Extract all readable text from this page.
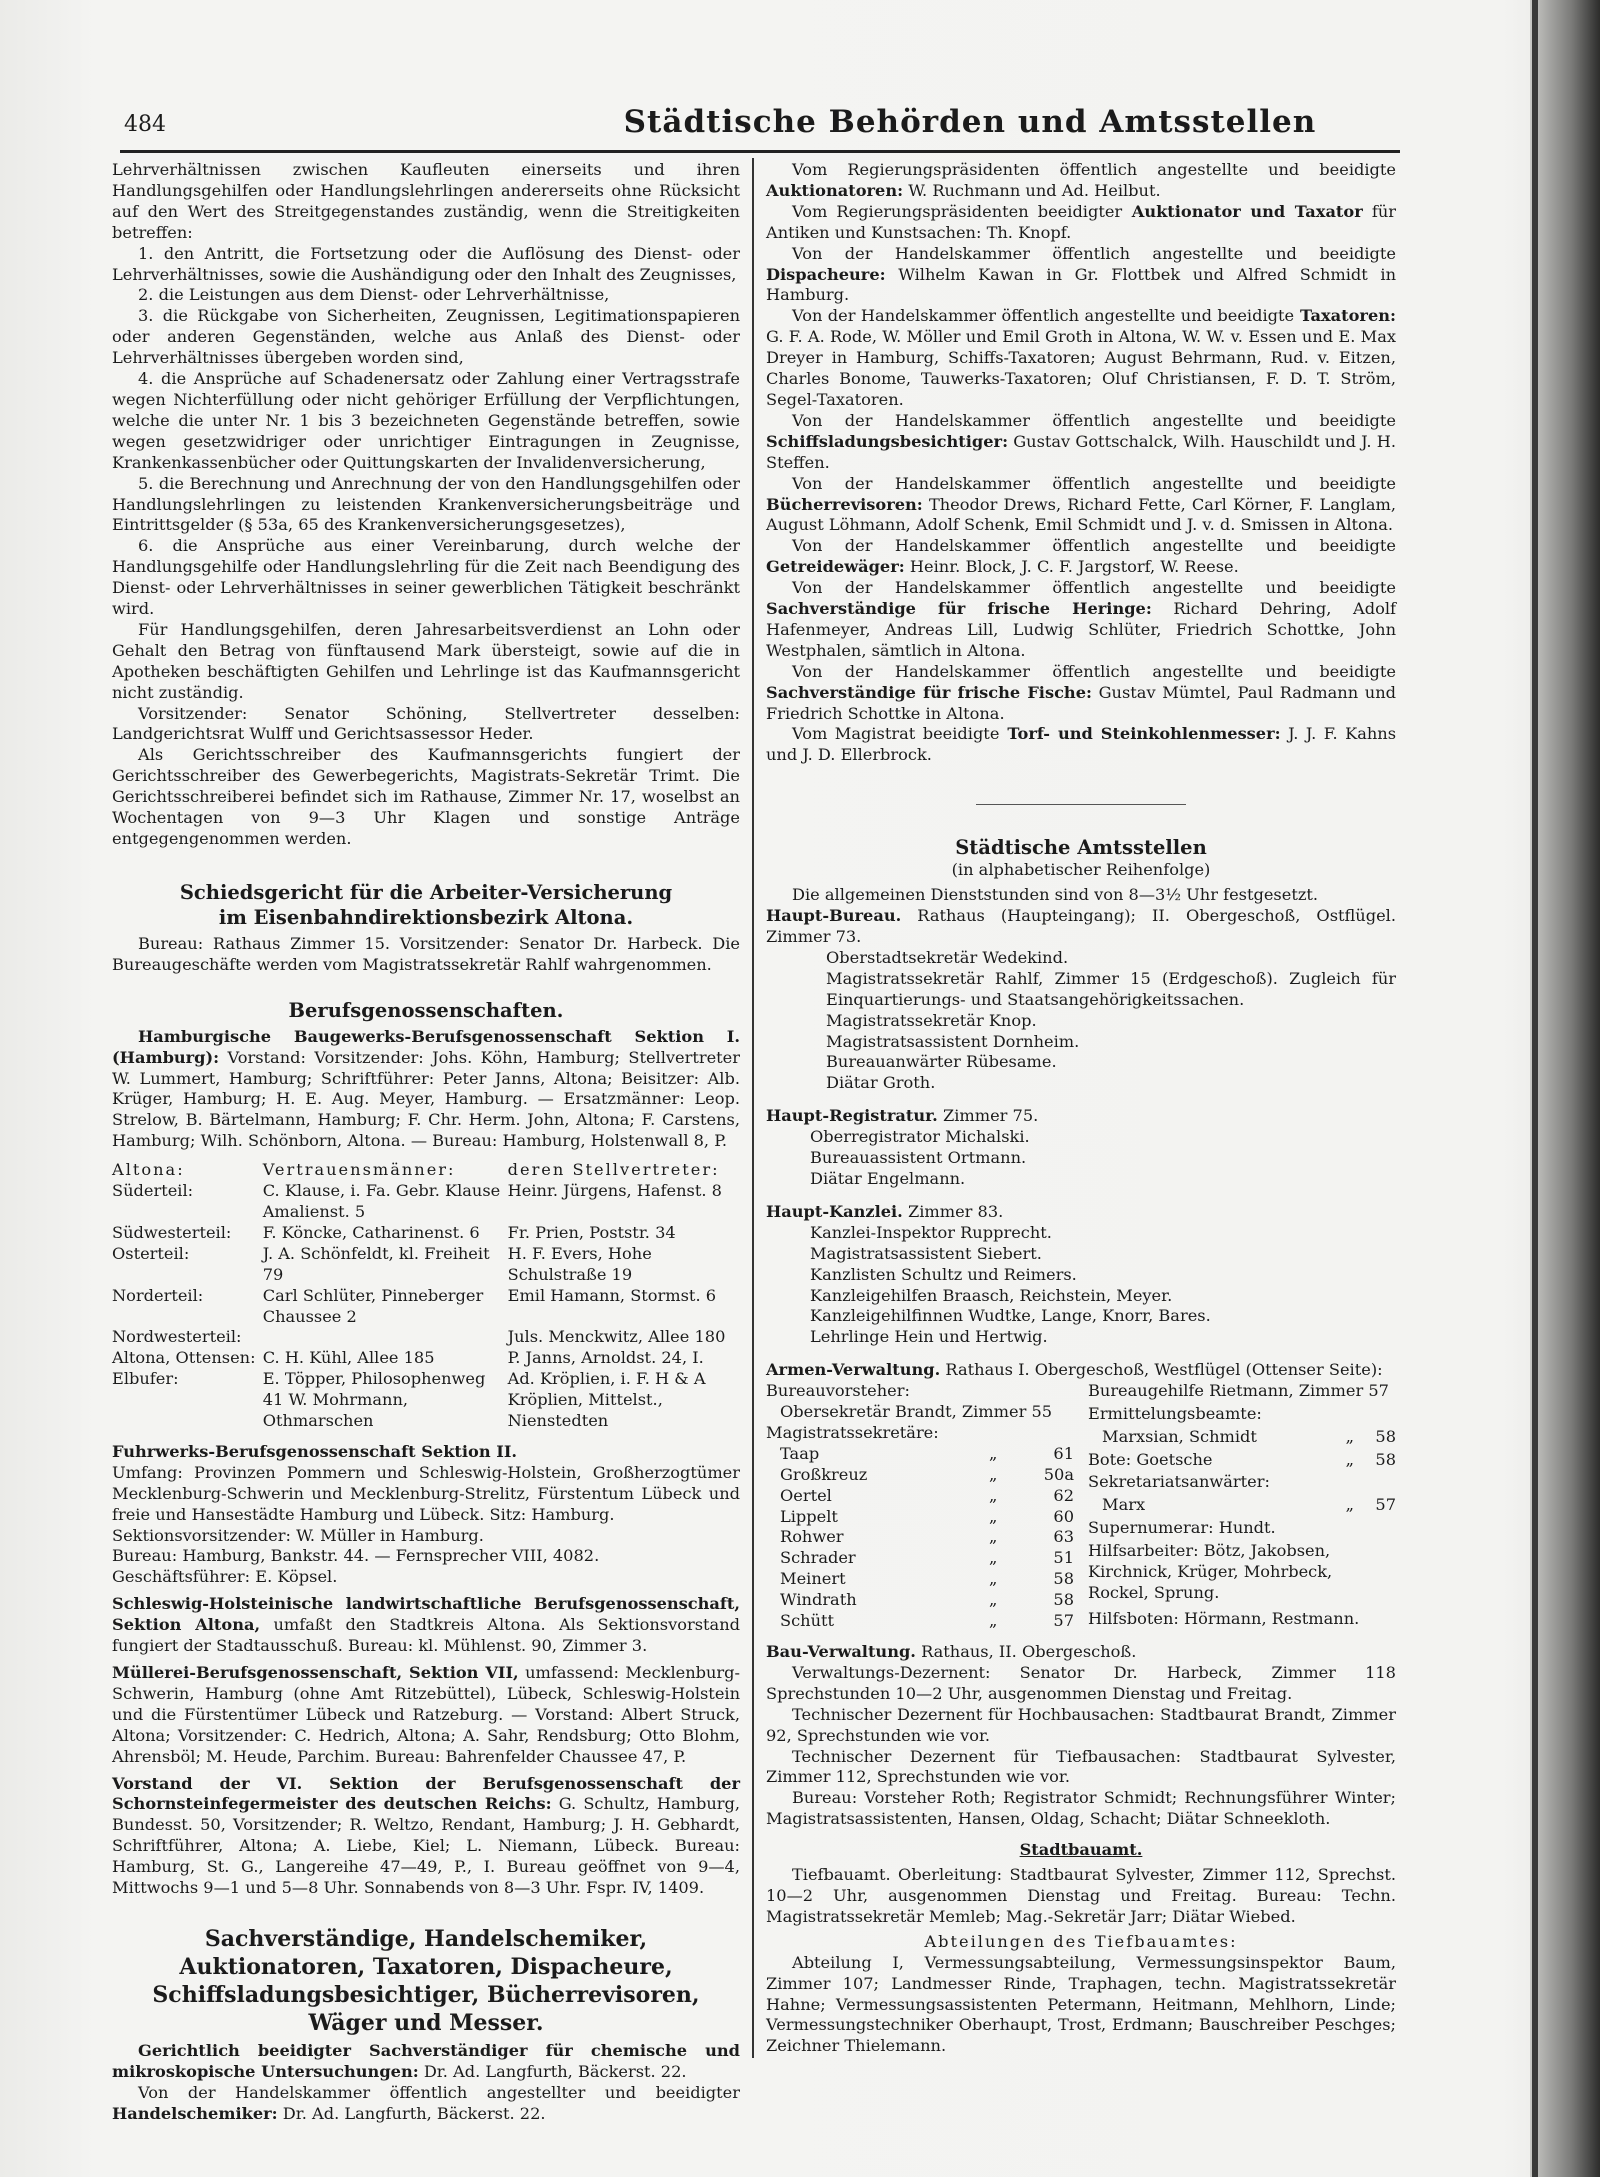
484	Städtische Behörden und Amtsstellen

Lehrverhältnissen zwischen Kaufleuten einerseits und ihren Handlungsgehilfen oder Handlungslehrlingen andererseits ohne Rücksicht auf den Wert des Streitgegenstandes zuständig, wenn die Streitigkeiten betreffen:

1. den Antritt, die Fortsetzung oder die Auflösung des Dienst- oder Lehrverhältnisses, sowie die Aushändigung oder den Inhalt des Zeugnisses,

2. die Leistungen aus dem Dienst- oder Lehrverhältnisse,

3. die Rückgabe von Sicherheiten, Zeugnissen, Legitimationspapieren oder anderen Gegenständen, welche aus Anlaß des Dienst- oder Lehrverhältnisses übergeben worden sind,

4. die Ansprüche auf Schadenersatz oder Zahlung einer Vertragsstrafe wegen Nichterfüllung oder nicht gehöriger Erfüllung der Verpflichtungen, welche die unter Nr. 1 bis 3 bezeichneten Gegenstände betreffen, sowie wegen gesetzwidriger oder unrichtiger Eintragungen in Zeugnisse, Krankenkassenbücher oder Quittungskarten der Invalidenversicherung,

5. die Berechnung und Anrechnung der von den Handlungsgehilfen oder Handlungslehrlingen zu leistenden Krankenversicherungsbeiträge und Eintrittsgelder (§ 53a, 65 des Krankenversicherungsgesetzes),

6. die Ansprüche aus einer Vereinbarung, durch welche der Handlungsgehilfe oder Handlungslehrling für die Zeit nach Beendigung des Dienst- oder Lehrverhältnisses in seiner gewerblichen Tätigkeit beschränkt wird.

Für Handlungsgehilfen, deren Jahresarbeitsverdienst an Lohn oder Gehalt den Betrag von fünftausend Mark übersteigt, sowie auf die in Apotheken beschäftigten Gehilfen und Lehrlinge ist das Kaufmannsgericht nicht zuständig.

Vorsitzender: Senator Schöning, Stellvertreter desselben: Landgerichtsrat Wulff und Gerichtsassessor Heder.

Als Gerichtsschreiber des Kaufmannsgerichts fungiert der Gerichtsschreiber des Gewerbegerichts, Magistrats-Sekretär Trimt. Die Gerichtsschreiberei befindet sich im Rathause, Zimmer Nr. 17, woselbst an Wochentagen von 9—3 Uhr Klagen und sonstige Anträge entgegengenommen werden.

Schiedsgericht für die Arbeiter-Versicherung
im Eisenbahndirektionsbezirk Altona.

Bureau: Rathaus Zimmer 15. Vorsitzender: Senator Dr. Harbeck. Die Bureaugeschäfte werden vom Magistratssekretär Rahlf wahrgenommen.

Berufsgenossenschaften.

Hamburgische Baugewerks-Berufsgenossenschaft Sektion I. (Hamburg): Vorstand: Vorsitzender: Johs. Köhn, Hamburg; Stellvertreter W. Lummert, Hamburg; Schriftführer: Peter Janns, Altona; Beisitzer: Alb. Krüger, Hamburg; H. E. Aug. Meyer, Hamburg. — Ersatzmänner: Leop. Strelow, B. Bärtelmann, Hamburg; F. Chr. Herm. John, Altona; F. Carstens, Hamburg; Wilh. Schönborn, Altona. — Bureau: Hamburg, Holstenwall 8, P.

Altona:	Vertrauensmänner:	deren Stellvertreter:
Süderteil:	C. Klause, i. Fa. Gebr. Klause Amalienst. 5	Heinr. Jürgens, Hafenst. 8
Südwesterteil:	F. Köncke, Catharinenst. 6	Fr. Prien, Poststr. 34
Osterteil:	J. A. Schönfeldt, kl. Freiheit 79	H. F. Evers, Hohe Schulstraße 19
Norderteil:	Carl Schlüter, Pinneberger Chaussee 2	Emil Hamann, Stormst. 6
Nordwesterteil:		Juls. Menckwitz, Allee 180
Altona, Ottensen:	C. H. Kühl, Allee 185	P. Janns, Arnoldst. 24, I.
Elbufer:	E. Töpper, Philosophenweg 41 W. Mohrmann, Othmarschen	Ad. Kröplien, i. F. H & A Kröplien, Mittelst., Nienstedten

Fuhrwerks-Berufsgenossenschaft Sektion II.

Umfang: Provinzen Pommern und Schleswig-Holstein, Großherzogtümer Mecklenburg-Schwerin und Mecklenburg-Strelitz, Fürstentum Lübeck und freie und Hansestädte Hamburg und Lübeck. Sitz: Hamburg.

Sektionsvorsitzender: W. Müller in Hamburg.

Bureau: Hamburg, Bankstr. 44. — Fernsprecher VIII, 4082.

Geschäftsführer: E. Köpsel.

Schleswig-Holsteinische landwirtschaftliche Berufsgenossenschaft, Sektion Altona, umfaßt den Stadtkreis Altona. Als Sektionsvorstand fungiert der Stadtausschuß. Bureau: kl. Mühlenst. 90, Zimmer 3.

Müllerei-Berufsgenossenschaft, Sektion VII, umfassend: Mecklenburg-Schwerin, Hamburg (ohne Amt Ritzebüttel), Lübeck, Schleswig-Holstein und die Fürstentümer Lübeck und Ratzeburg. — Vorstand: Albert Struck, Altona; Vorsitzender: C. Hedrich, Altona; A. Sahr, Rendsburg; Otto Blohm, Ahrensböl; M. Heude, Parchim. Bureau: Bahrenfelder Chaussee 47, P.

Vorstand der VI. Sektion der Berufsgenossenschaft der Schornsteinfegermeister des deutschen Reichs: G. Schultz, Hamburg, Bundesst. 50, Vorsitzender; R. Weltzo, Rendant, Hamburg; J. H. Gebhardt, Schriftführer, Altona; A. Liebe, Kiel; L. Niemann, Lübeck. Bureau: Hamburg, St. G., Langereihe 47—49, P., I. Bureau geöffnet von 9—4, Mittwochs 9—1 und 5—8 Uhr. Sonnabends von 8—3 Uhr. Fspr. IV, 1409.

Sachverständige, Handelschemiker, Auktionatoren, Taxatoren, Dispacheure, Schiffsladungsbesichtiger, Bücherrevisoren, Wäger und Messer.

Gerichtlich beeidigter Sachverständiger für chemische und mikroskopische Untersuchungen: Dr. Ad. Langfurth, Bäckerst. 22.

Von der Handelskammer öffentlich angestellter und beeidigter Handelschemiker: Dr. Ad. Langfurth, Bäckerst. 22.

Vom Regierungspräsidenten öffentlich angestellte und beeidigte Auktionatoren: W. Ruchmann und Ad. Heilbut.

Vom Regierungspräsidenten beeidigter Auktionator und Taxator für Antiken und Kunstsachen: Th. Knopf.

Von der Handelskammer öffentlich angestellte und beeidigte Dispacheure: Wilhelm Kawan in Gr. Flottbek und Alfred Schmidt in Hamburg.

Von der Handelskammer öffentlich angestellte und beeidigte Taxatoren: G. F. A. Rode, W. Möller und Emil Groth in Altona, W. W. v. Essen und E. Max Dreyer in Hamburg, Schiffs-Taxatoren; August Behrmann, Rud. v. Eitzen, Charles Bonome, Tauwerks-Taxatoren; Oluf Christiansen, F. D. T. Ström, Segel-Taxatoren.

Von der Handelskammer öffentlich angestellte und beeidigte Schiffsladungsbesichtiger: Gustav Gottschalck, Wilh. Hauschildt und J. H. Steffen.

Von der Handelskammer öffentlich angestellte und beeidigte Bücherrevisoren: Theodor Drews, Richard Fette, Carl Körner, F. Langlam, August Löhmann, Adolf Schenk, Emil Schmidt und J. v. d. Smissen in Altona.

Von der Handelskammer öffentlich angestellte und beeidigte Getreidewäger: Heinr. Block, J. C. F. Jargstorf, W. Reese.

Von der Handelskammer öffentlich angestellte und beeidigte Sachverständige für frische Heringe: Richard Dehring, Adolf Hafenmeyer, Andreas Lill, Ludwig Schlüter, Friedrich Schottke, John Westphalen, sämtlich in Altona.

Von der Handelskammer öffentlich angestellte und beeidigte Sachverständige für frische Fische: Gustav Mümtel, Paul Radmann und Friedrich Schottke in Altona.

Vom Magistrat beeidigte Torf- und Steinkohlenmesser: J. J. F. Kahns und J. D. Ellerbrock.

Städtische Amtsstellen
(in alphabetischer Reihenfolge)

Die allgemeinen Dienststunden sind von 8—3½ Uhr festgesetzt.

Haupt-Bureau. Rathaus (Haupteingang); II. Obergeschoß, Ostflügel. Zimmer 73.

Oberstadtsekretär Wedekind.

Magistratssekretär Rahlf, Zimmer 15 (Erdgeschoß). Zugleich für Einquartierungs- und Staatsangehörigkeitssachen.

Magistratssekretär Knop.

Magistratsassistent Dornheim.

Bureauanwärter Rübesame.

Diätar Groth.

Haupt-Registratur. Zimmer 75.

Oberregistrator Michalski.

Bureauassistent Ortmann.

Diätar Engelmann.

Haupt-Kanzlei. Zimmer 83.

Kanzlei-Inspektor Rupprecht.

Magistratsassistent Siebert.

Kanzlisten Schultz und Reimers.

Kanzleigehilfen Braasch, Reichstein, Meyer.

Kanzleigehilfinnen Wudtke, Lange, Knorr, Bares.

Lehrlinge Hein und Hertwig.

Armen-Verwaltung. Rathaus I. Obergeschoß, Westflügel (Ottenser Seite):

Bureauvorsteher:		
Obersekretär Brandt, Zimmer 55		
Magistratssekretäre:		
Taap	„	61
Großkreuz	„	50a
Oertel	„	62
Lippelt	„	60
Rohwer	„	63
Schrader	„	51
Meinert	„	58
Windrath	„	58
Schütt	„	57
Bureaugehilfe Rietmann, Zimmer 57		
Ermittelungsbeamte:		
Marxsian, Schmidt	„	58
Bote: Goetsche	„	58
Sekretariatsanwärter:		
Marx	„	57
Supernumerar: Hundt.		
Hilfsarbeiter: Bötz, Jakobsen, Kirchnick, Krüger, Mohrbeck, Rockel, Sprung.		
Hilfsboten: Hörmann, Restmann.		

Bau-Verwaltung. Rathaus, II. Obergeschoß.

Verwaltungs-Dezernent: Senator Dr. Harbeck, Zimmer 118 Sprechstunden 10—2 Uhr, ausgenommen Dienstag und Freitag.

Technischer Dezernent für Hochbausachen: Stadtbaurat Brandt, Zimmer 92, Sprechstunden wie vor.

Technischer Dezernent für Tiefbausachen: Stadtbaurat Sylvester, Zimmer 112, Sprechstunden wie vor.

Bureau: Vorsteher Roth; Registrator Schmidt; Rechnungsführer Winter; Magistratsassistenten, Hansen, Oldag, Schacht; Diätar Schneekloth.

Stadtbauamt.

Tiefbauamt. Oberleitung: Stadtbaurat Sylvester, Zimmer 112, Sprechst. 10—2 Uhr, ausgenommen Dienstag und Freitag. Bureau: Techn. Magistratssekretär Memleb; Mag.-Sekretär Jarr; Diätar Wiebed.

Abteilungen des Tiefbauamtes:

Abteilung I, Vermessungsabteilung, Vermessungsinspektor Baum, Zimmer 107; Landmesser Rinde, Traphagen, techn. Magistratssekretär Hahne; Vermessungsassistenten Petermann, Heitmann, Mehlhorn, Linde; Vermessungstechniker Oberhaupt, Trost, Erdmann; Bauschreiber Peschges; Zeichner Thielemann.
